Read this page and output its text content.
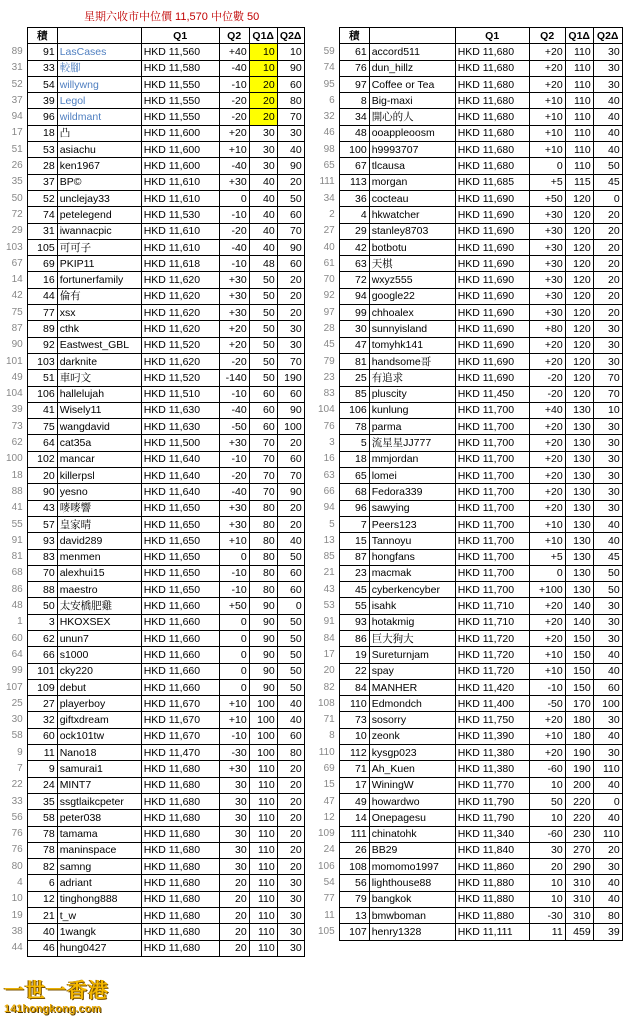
星期六收市中位價 11,570 中位數 50
	積		Q1	Q2	Q1Δ	Q2Δ
89	91	LasCases	HKD 11,560	+40	10	10
31	33	較腳	HKD 11,580	-40	10	90
52	54	willywng	HKD 11,550	-10	20	60
37	39	Legol	HKD 11,550	-20	20	80
94	96	wildmant	HKD 11,550	-20	20	70
17	18	凸	HKD 11,600	+20	30	30
51	53	asiachu	HKD 11,600	+10	30	40
26	28	ken1967	HKD 11,600	-40	30	90
35	37	BP©	HKD 11,610	+30	40	20
50	52	unclejay33	HKD 11,610	0	40	50
72	74	petelegend	HKD 11,530	-10	40	60
29	31	iwannacpic	HKD 11,610	-20	40	70
103	105	可可子	HKD 11,610	-40	40	90
67	69	PKIP11	HKD 11,618	-10	48	60
14	16	fortunerfamily	HKD 11,620	+30	50	20
42	44	倫有	HKD 11,620	+30	50	20
75	77	xsx	HKD 11,620	+30	50	20
87	89	cthk	HKD 11,620	+20	50	30
90	92	Eastwest_GBL	HKD 11,520	+20	50	30
101	103	darknite	HKD 11,620	-20	50	70
49	51	車叼文	HKD 11,520	-140	50	190
104	106	hallelujah	HKD 11,510	-10	60	60
39	41	Wisely11	HKD 11,630	-40	60	90
73	75	wangdavid	HKD 11,630	-50	60	100
62	64	cat35a	HKD 11,500	+30	70	20
100	102	mancar	HKD 11,640	-10	70	60
18	20	killerpsl	HKD 11,640	-20	70	70
88	90	yesno	HKD 11,640	-40	70	90
41	43	嘜嘜響	HKD 11,650	+30	80	20
55	57	皇家晴	HKD 11,650	+30	80	20
91	93	david289	HKD 11,650	+10	80	40
81	83	menmen	HKD 11,650	0	80	50
68	70	alexhui15	HKD 11,650	-10	80	60
86	88	maestro	HKD 11,650	-10	80	60
48	50	太安橋肥雞	HKD 11,660	+50	90	0
1	3	HKOXSEX	HKD 11,660	0	90	50
60	62	unun7	HKD 11,660	0	90	50
64	66	s1000	HKD 11,660	0	90	50
99	101	cky220	HKD 11,660	0	90	50
107	109	debut	HKD 11,660	0	90	50
25	27	playerboy	HKD 11,670	+10	100	40
30	32	giftxdream	HKD 11,670	+10	100	40
58	60	ock101tw	HKD 11,670	-10	100	60
9	11	Nano18	HKD 11,470	-30	100	80
7	9	samurai1	HKD 11,680	+30	110	20
22	24	MINT7	HKD 11,680	30	110	20
33	35	ssgtlaikcpeter	HKD 11,680	30	110	20
56	58	peter038	HKD 11,680	30	110	20
76	78	tamama	HKD 11,680	30	110	20
76	78	maninspace	HKD 11,680	30	110	20
80	82	samng	HKD 11,680	30	110	20
4	6	adriant	HKD 11,680	20	110	30
10	12	tinghong888	HKD 11,680	20	110	30
19	21	t_w	HKD 11,680	20	110	30
38	40	1wangk	HKD 11,680	20	110	30
44	46	hung0427	HKD 11,680	20	110	30
	積		Q1	Q2	Q1Δ	Q2Δ
59	61	accord511	HKD 11,680	+20	110	30
74	76	dun_hillz	HKD 11,680	+20	110	30
95	97	Coffee or Tea	HKD 11,680	+20	110	30
6	8	Big-maxi	HKD 11,680	+10	110	40
32	34	開心的人	HKD 11,680	+10	110	40
46	48	ooappleoosm	HKD 11,680	+10	110	40
98	100	h9993707	HKD 11,680	+10	110	40
65	67	tlcausa	HKD 11,680	0	110	50
111	113	morgan	HKD 11,685	+5	115	45
34	36	cocteau	HKD 11,690	+50	120	0
2	4	hkwatcher	HKD 11,690	+30	120	20
27	29	stanley8703	HKD 11,690	+30	120	20
40	42	botbotu	HKD 11,690	+30	120	20
61	63	天棋	HKD 11,690	+30	120	20
70	72	wxyz555	HKD 11,690	+30	120	20
92	94	google22	HKD 11,690	+30	120	20
97	99	chhoalex	HKD 11,690	+30	120	20
28	30	sunnyisland	HKD 11,690	+80	120	30
45	47	tomyhk141	HKD 11,690	+20	120	30
79	81	handsome哥	HKD 11,690	+20	120	30
23	25	有追求	HKD 11,690	-20	120	70
83	85	pluscity	HKD 11,450	-20	120	70
104	106	kunlung	HKD 11,700	+40	130	10
76	78	parma	HKD 11,700	+20	130	30
3	5	流星星JJ777	HKD 11,700	+20	130	30
16	18	mmjordan	HKD 11,700	+20	130	30
63	65	lomei	HKD 11,700	+20	130	30
66	68	Fedora339	HKD 11,700	+20	130	30
94	96	sawying	HKD 11,700	+20	130	30
5	7	Peers123	HKD 11,700	+10	130	40
13	15	Tannoyu	HKD 11,700	+10	130	40
85	87	hongfans	HKD 11,700	+5	130	45
21	23	macmak	HKD 11,700	0	130	50
43	45	cyberkencyber	HKD 11,700	+100	130	50
53	55	isahk	HKD 11,710	+20	140	30
91	93	hotakmig	HKD 11,710	+20	140	30
84	86	巨大狗大	HKD 11,720	+20	150	30
17	19	Sureturnjam	HKD 11,720	+10	150	40
20	22	spay	HKD 11,720	+10	150	40
82	84	MANHER	HKD 11,420	-10	150	60
108	110	Edmondch	HKD 11,400	-50	170	100
71	73	sosorry	HKD 11,750	+20	180	30
8	10	zeonk	HKD 11,390	+10	180	40
110	112	kysgp023	HKD 11,380	+20	190	30
69	71	Ah_Kuen	HKD 11,380	-60	190	110
15	17	WiningW	HKD 11,770	10	200	40
47	49	howardwo	HKD 11,790	50	220	0
12	14	Onepagesu	HKD 11,790	10	220	40
109	111	chinatohk	HKD 11,340	-60	230	110
24	26	BB29	HKD 11,840	30	270	20
106	108	momomo1997	HKD 11,860	20	290	30
54	56	lighthouse88	HKD 11,880	10	310	40
77	79	bangkok	HKD 11,880	10	310	40
11	13	bmwboman	HKD 11,880	-30	310	80
105	107	henry1328	HKD 11,111	11	459	39
一世一香港
141hongkong.com
